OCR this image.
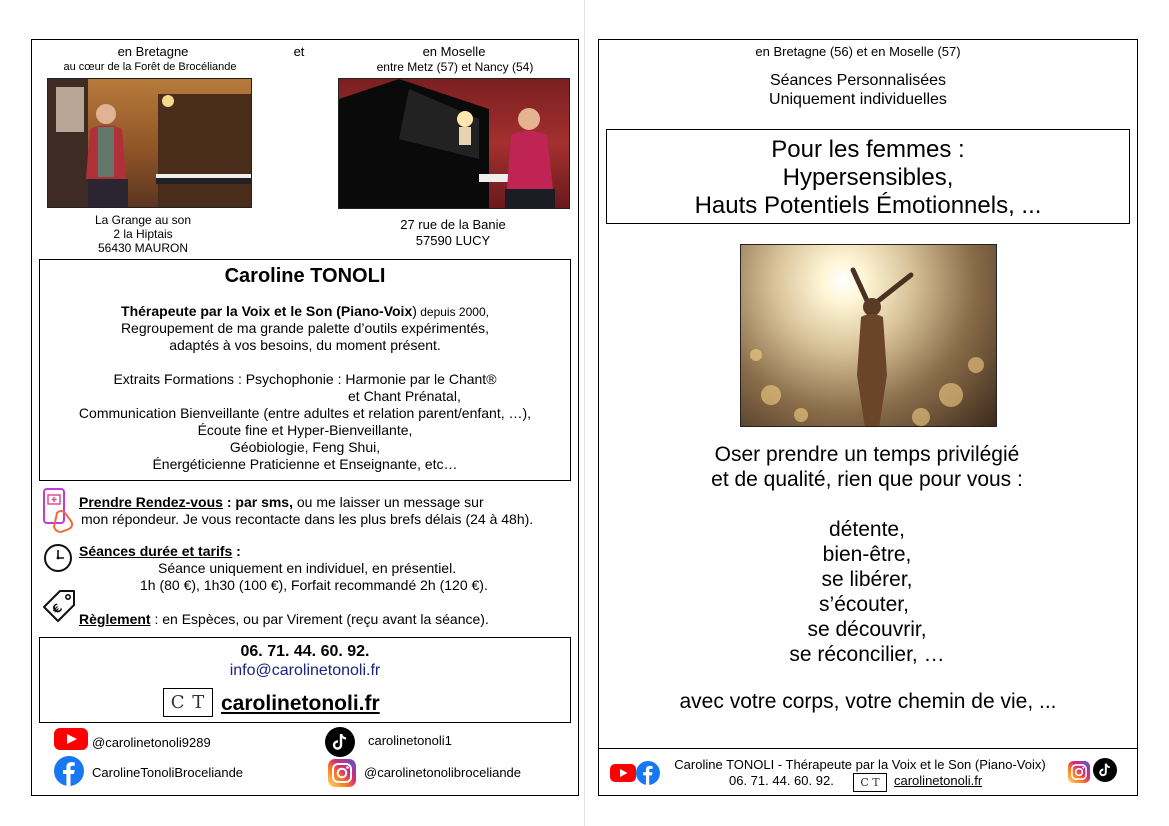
en Bretagne
au cœur de la Forêt de Brocéliande
et	en Moselle
entre Metz (57) et Nancy (54)
La Grange au son
2 la Hiptais
56430 MAURON
27 rue de la Banie
57590 LUCY
Caroline TONOLI
Thérapeute par la Voix et le Son (Piano-Voix) depuis 2000,
Regroupement de ma grande palette d’outils expérimentés,
adaptés à vos besoins, du moment présent.
Extraits Formations : Psychophonie : Harmonie par le Chant®
et Chant Prénatal,
Communication Bienveillante (entre adultes et relation parent/enfant, …),
Écoute fine et Hyper-Bienveillante,
Géobiologie, Feng Shui,
Énergéticienne Praticienne et Enseignante, etc…
Prendre Rendez-vous : par sms, ou me laisser un message sur
mon répondeur. Je vous recontacte dans les plus brefs délais (24 à 48h).
Séances durée et tarifs :
Séance uniquement en individuel, en présentiel.
1h (80 €), 1h30 (100 €), Forfait recommandé 2h (120 €).
€
Règlement : en Espèces, ou par Virement (reçu avant la séance).
06. 71. 44. 60. 92.
info@carolinetonoli.fr
C T carolinetonoli.fr
@carolinetonoli9289	carolinetonoli1
CarolineTonoliBroceliande	@carolinetonolibroceliande
en Bretagne (56) et en Moselle (57)
Séances Personnalisées
Uniquement individuelles
Pour les femmes :
Hypersensibles,
Hauts Potentiels Émotionnels, ...
Oser prendre un temps privilégié
et de qualité, rien que pour vous :
détente,
bien-être,
se libérer,
s’écouter,
se découvrir,
se réconcilier, …
avec votre corps, votre chemin de vie, ...
Caroline TONOLI - Thérapeute par la Voix et le Son (Piano-Voix)
06. 71. 44. 60. 92.	C T	carolinetonoli.fr
